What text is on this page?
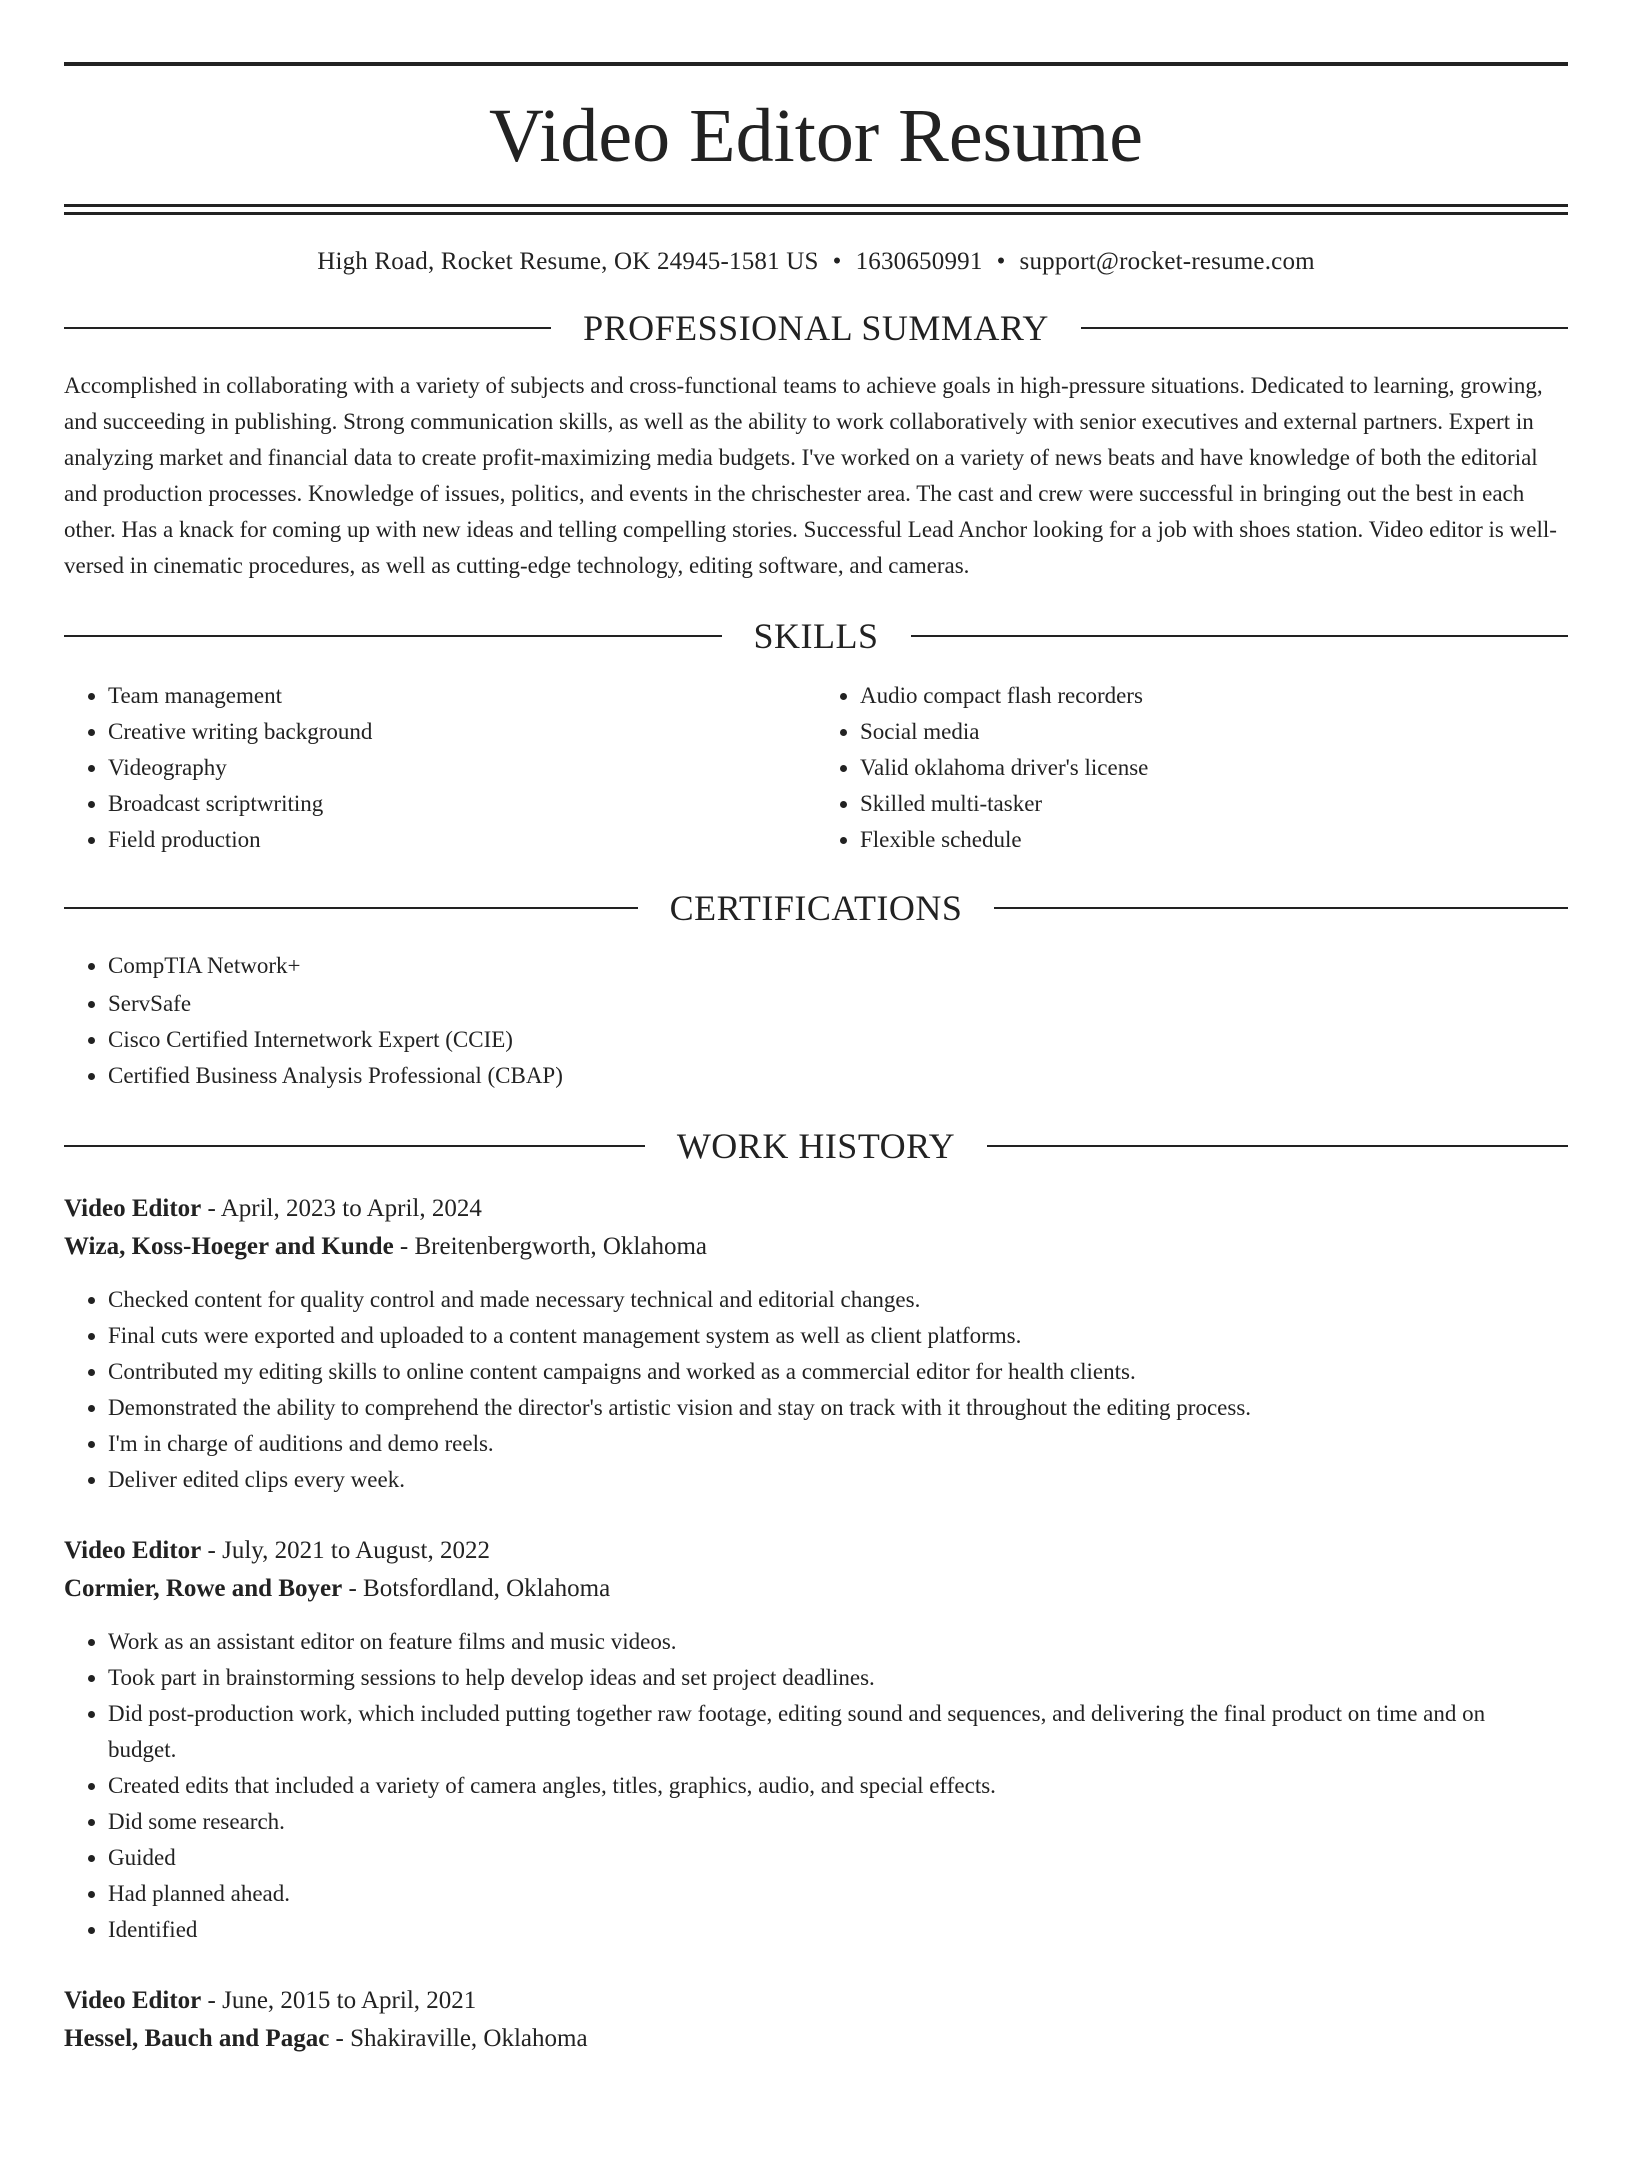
Video Editor Resume
High Road, Rocket Resume, OK 24945-1581 US • 1630650991 • support@rocket-resume.com
PROFESSIONAL SUMMARY

Accomplished in collaborating with a variety of subjects and cross-functional teams to achieve goals in high-pressure situations. Dedicated to learning, growing, and succeeding in publishing. Strong communication skills, as well as the ability to work collaboratively with senior executives and external partners. Expert in analyzing market and financial data to create profit-maximizing media budgets. I've worked on a variety of news beats and have knowledge of both the editorial and production processes. Knowledge of issues, politics, and events in the chrischester area. The cast and crew were successful in bringing out the best in each other. Has a knack for coming up with new ideas and telling compelling stories. Successful Lead Anchor looking for a job with shoes station. Video editor is well-versed in cinematic procedures, as well as cutting-edge technology, editing software, and cameras.

SKILLS
• Team management
• Creative writing background
• Videography
• Broadcast scriptwriting
• Field production
• Audio compact flash recorders
• Social media
• Valid oklahoma driver's license
• Skilled multi-tasker
• Flexible schedule
CERTIFICATIONS
• CompTIA Network+
• ServSafe
• Cisco Certified Internetwork Expert (CCIE)
• Certified Business Analysis Professional (CBAP)
WORK HISTORY
Video Editor - April, 2023 to April, 2024
Wiza, Koss-Hoeger and Kunde - Breitenbergworth, Oklahoma
• Checked content for quality control and made necessary technical and editorial changes.
• Final cuts were exported and uploaded to a content management system as well as client platforms.
• Contributed my editing skills to online content campaigns and worked as a commercial editor for health clients.
• Demonstrated the ability to comprehend the director's artistic vision and stay on track with it throughout the editing process.
• I'm in charge of auditions and demo reels.
• Deliver edited clips every week.
Video Editor - July, 2021 to August, 2022
Cormier, Rowe and Boyer - Botsfordland, Oklahoma
• Work as an assistant editor on feature films and music videos.
• Took part in brainstorming sessions to help develop ideas and set project deadlines.
• Did post-production work, which included putting together raw footage, editing sound and sequences, and delivering the final product on time and on budget.
• Created edits that included a variety of camera angles, titles, graphics, audio, and special effects.
• Did some research.
• Guided
• Had planned ahead.
• Identified
Video Editor - June, 2015 to April, 2021
Hessel, Bauch and Pagac - Shakiraville, Oklahoma
